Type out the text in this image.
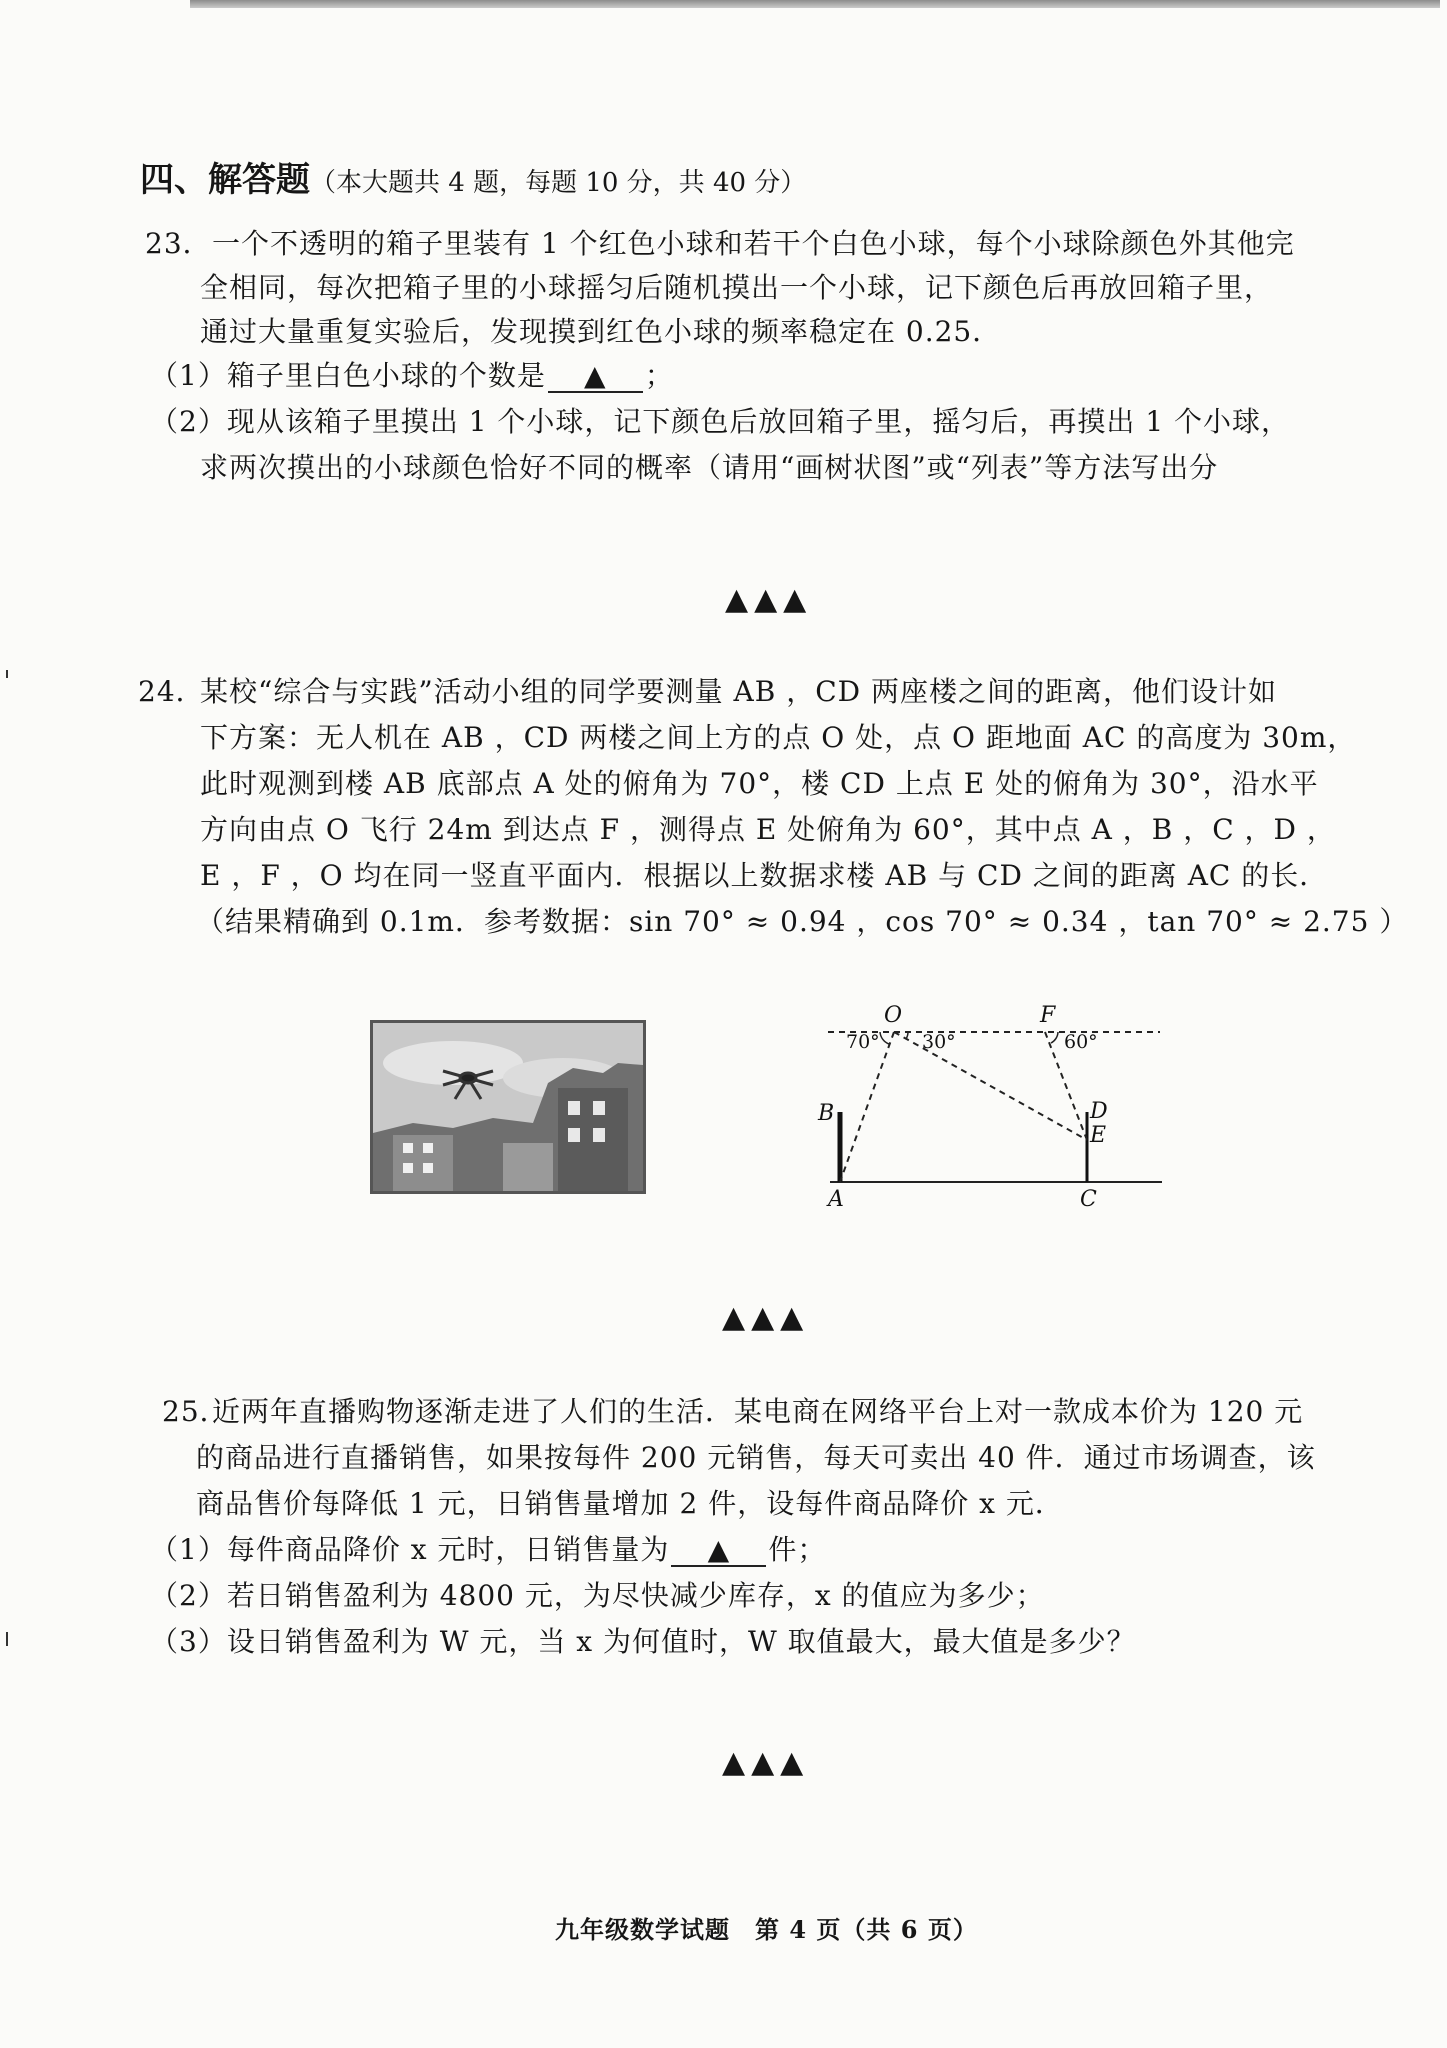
四、解答题（本大题共 4 题，每题 10 分，共 40 分）
23． 一个不透明的箱子里装有 1 个红色小球和若干个白色小球，每个小球除颜色外其他完
全相同，每次把箱子里的小球摇匀后随机摸出一个小球，记下颜色后再放回箱子里，
通过大量重复实验后，发现摸到红色小球的频率稳定在 0.25．
（1）箱子里白色小球的个数是 ▲ ；
（2）现从该箱子里摸出 1 个小球，记下颜色后放回箱子里，摇匀后，再摸出 1 个小球，
求两次摸出的小球颜色恰好不同的概率（请用“画树状图”或“列表”等方法写出分
▲▲▲
24．
某校“综合与实践”活动小组的同学要测量 AB ，CD 两座楼之间的距离，他们设计如
下方案：无人机在 AB ，CD 两楼之间上方的点 O 处，点 O 距地面 AC 的高度为 30m，
此时观测到楼 AB 底部点 A 处的俯角为 70°，楼 CD 上点 E 处的俯角为 30°，沿水平
方向由点 O 飞行 24m 到达点 F ，测得点 E 处俯角为 60°，其中点 A ，B ，C ，D ，
E ，F ，O 均在同一竖直平面内．根据以上数据求楼 AB 与 CD 之间的距离 AC 的长．
（结果精确到 0.1m．参考数据：sin 70° ≈ 0.94 ，cos 70° ≈ 0.34 ，tan 70° ≈ 2.75 ）
O	F
B	D
E
A	C
70° 30°	60°
▲▲▲
25．
近两年直播购物逐渐走进了人们的生活．某电商在网络平台上对一款成本价为 120 元
的商品进行直播销售，如果按每件 200 元销售，每天可卖出 40 件．通过市场调查，该
商品售价每降低 1 元，日销售量增加 2 件，设每件商品降价 x 元．
（1）每件商品降价 x 元时，日销售量为 ▲ 件；
（2）若日销售盈利为 4800 元，为尽快减少库存，x 的值应为多少；
（3）设日销售盈利为 W 元，当 x 为何值时，W 取值最大，最大值是多少？
▲▲▲
九年级数学试题　第 4 页（共 6 页）
